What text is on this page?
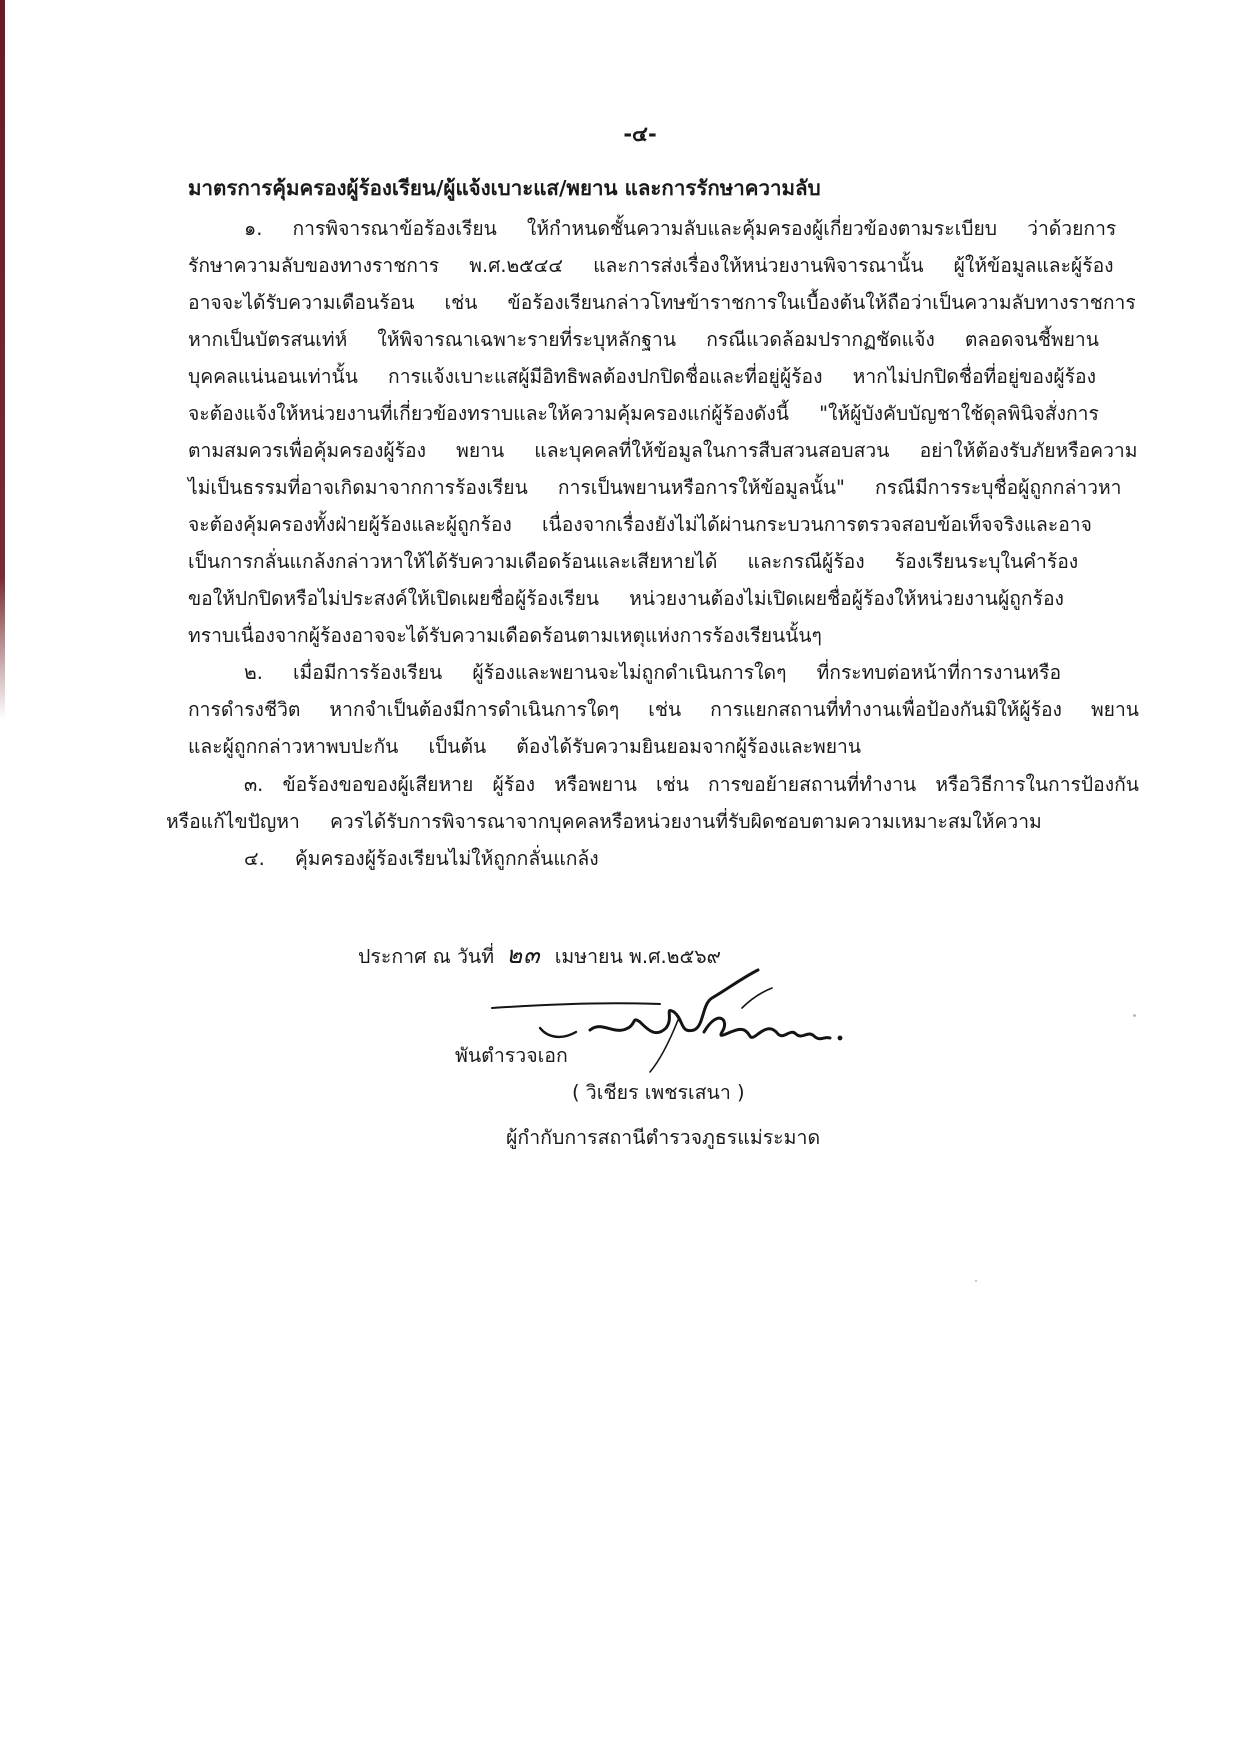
-๔-
มาตรการคุ้มครองผู้ร้องเรียน/ผู้แจ้งเบาะแส/พยาน และการรักษาความลับ
๑. การพิจารณาข้อร้องเรียน ให้กำหนดชั้นความลับและคุ้มครองผู้เกี่ยวข้องตามระเบียบ ว่าด้วยการ
รักษาความลับของทางราชการ พ.ศ.๒๕๔๔ และการส่งเรื่องให้หน่วยงานพิจารณานั้น ผู้ให้ข้อมูลและผู้ร้อง
อาจจะได้รับความเดือนร้อน เช่น ข้อร้องเรียนกล่าวโทษข้าราชการในเบื้องต้นให้ถือว่าเป็นความลับทางราชการ
หากเป็นบัตรสนเท่ห์ ให้พิจารณาเฉพาะรายที่ระบุหลักฐาน กรณีแวดล้อมปรากฏชัดแจ้ง ตลอดจนชี้พยาน
บุคคลแน่นอนเท่านั้น การแจ้งเบาะแสผู้มีอิทธิพลต้องปกปิดชื่อและที่อยู่ผู้ร้อง หากไม่ปกปิดชื่อที่อยู่ของผู้ร้อง
จะต้องแจ้งให้หน่วยงานที่เกี่ยวข้องทราบและให้ความคุ้มครองแก่ผู้ร้องดังนี้ "ให้ผู้บังคับบัญชาใช้ดุลพินิจสั่งการ
ตามสมควรเพื่อคุ้มครองผู้ร้อง พยาน และบุคคลที่ให้ข้อมูลในการสืบสวนสอบสวน อย่าให้ต้องรับภัยหรือความ
ไม่เป็นธรรมที่อาจเกิดมาจากการร้องเรียน การเป็นพยานหรือการให้ข้อมูลนั้น" กรณีมีการระบุชื่อผู้ถูกกล่าวหา
จะต้องคุ้มครองทั้งฝ่ายผู้ร้องและผู้ถูกร้อง เนื่องจากเรื่องยังไม่ได้ผ่านกระบวนการตรวจสอบข้อเท็จจริงและอาจ
เป็นการกลั่นแกล้งกล่าวหาให้ได้รับความเดือดร้อนและเสียหายได้ และกรณีผู้ร้อง ร้องเรียนระบุในคำร้อง
ขอให้ปกปิดหรือไม่ประสงค์ให้เปิดเผยชื่อผู้ร้องเรียน หน่วยงานต้องไม่เปิดเผยชื่อผู้ร้องให้หน่วยงานผู้ถูกร้อง
ทราบเนื่องจากผู้ร้องอาจจะได้รับความเดือดร้อนตามเหตุแห่งการร้องเรียนนั้นๆ
๒. เมื่อมีการร้องเรียน ผู้ร้องและพยานจะไม่ถูกดำเนินการใดๆ ที่กระทบต่อหน้าที่การงานหรือ
การดำรงชีวิต หากจำเป็นต้องมีการดำเนินการใดๆ เช่น การแยกสถานที่ทำงานเพื่อป้องกันมิให้ผู้ร้อง พยาน
และผู้ถูกกล่าวหาพบปะกัน เป็นต้น ต้องได้รับความยินยอมจากผู้ร้องและพยาน
๓. ข้อร้องขอของผู้เสียหาย ผู้ร้อง หรือพยาน เช่น การขอย้ายสถานที่ทำงาน หรือวิธีการในการป้องกัน
หรือแก้ไขปัญหา ควรได้รับการพิจารณาจากบุคคลหรือหน่วยงานที่รับผิดชอบตามความเหมาะสมให้ความ
๔. คุ้มครองผู้ร้องเรียนไม่ให้ถูกกลั่นแกล้ง
ประกาศ ณ วันที่ ๒๓ เมษายน พ.ศ.๒๕๖๙
พันตำรวจเอก
( วิเชียร เพชรเสนา )
ผู้กำกับการสถานีตำรวจภูธรแม่ระมาด
